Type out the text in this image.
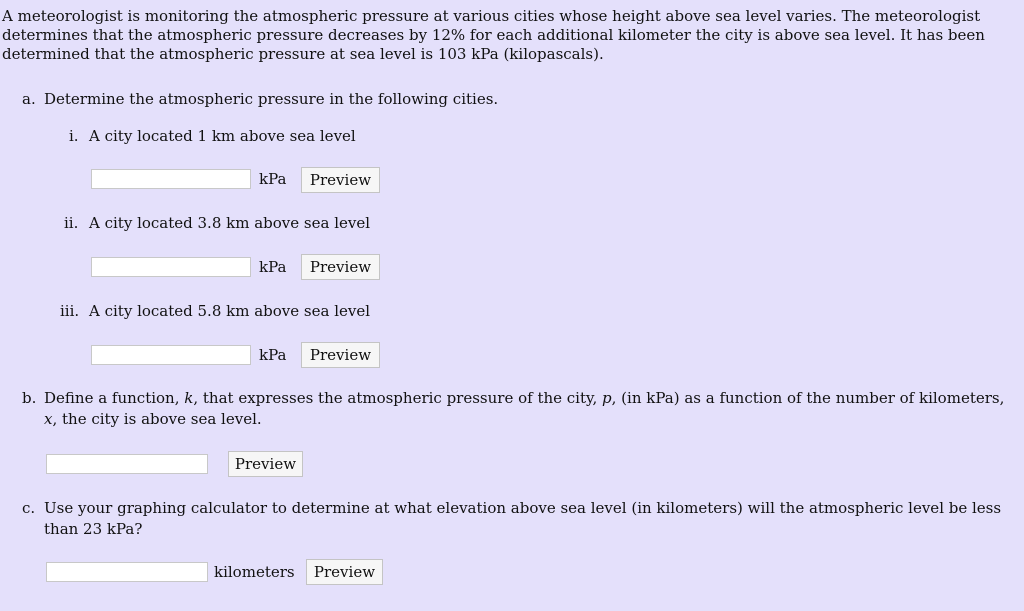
A meteorologist is monitoring the atmospheric pressure at various cities whose height above sea level varies. The meteorologist determines that the atmospheric pressure decreases by 12% for each additional kilometer the city is above sea level. It has been determined that the atmospheric pressure at sea level is 103 kPa (kilopascals).
a. Determine the atmospheric pressure in the following cities.
i. A city located 1 km above sea level
kPa	Preview
ii. A city located 3.8 km above sea level
kPa	Preview
iii. A city located 5.8 km above sea level
kPa	Preview
b. Define a function, k, that expresses the atmospheric pressure of the city, p, (in kPa) as a function of the number of kilometers, x, the city is above sea level.
Preview
c. Use your graphing calculator to determine at what elevation above sea level (in kilometers) will the atmospheric level be less than 23 kPa?
kilometers	Preview
